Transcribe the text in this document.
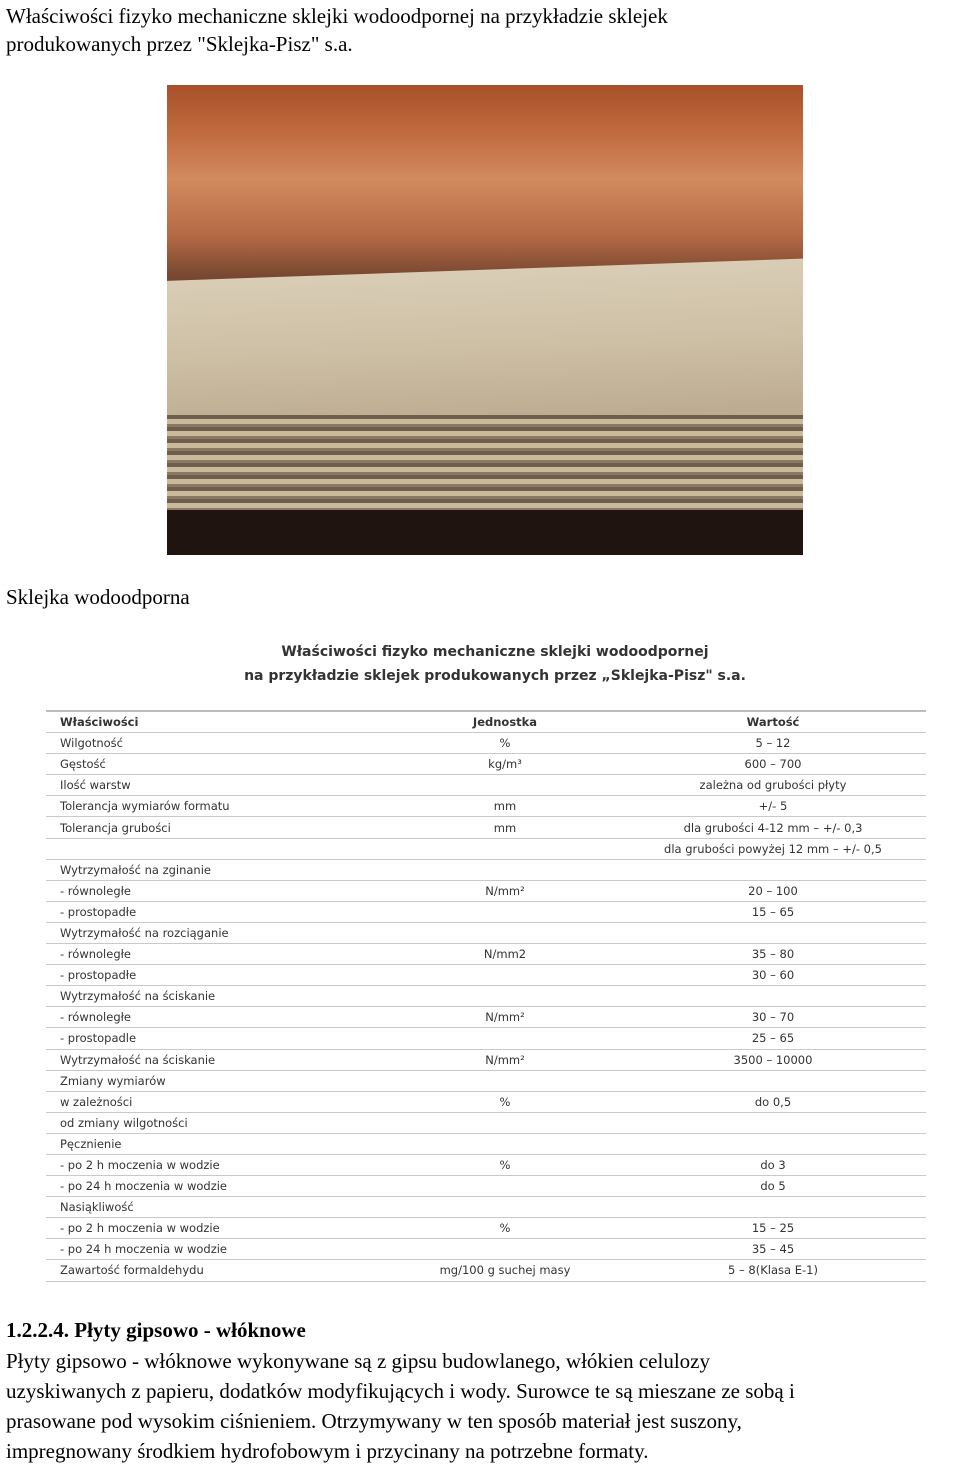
Właściwości fizyko mechaniczne sklejki wodoodpornej na przykładzie sklejek
produkowanych przez "Sklejka-Pisz" s.a.
Sklejka wodoodporna
Właściwości fizyko mechaniczne sklejki wodoodpornej
na przykładzie sklejek produkowanych przez „Sklejka-Pisz" s.a.
Właściwości	Jednostka	Wartość
Wilgotność	%	5 – 12
Gęstość	kg/m³	600 – 700
Ilość warstw		zależna od grubości płyty
Tolerancja wymiarów formatu	mm	+/- 5
Tolerancja grubości	mm	dla grubości 4-12 mm – +/- 0,3
		dla grubości powyżej 12 mm – +/- 0,5
Wytrzymałość na zginanie		
- równoległe	N/mm²	20 – 100
- prostopadłe		15 – 65
Wytrzymałość na rozciąganie		
- równoległe	N/mm2	35 – 80
- prostopadłe		30 – 60
Wytrzymałość na ściskanie		
- równoległe	N/mm²	30 – 70
- prostopadle		25 – 65
Wytrzymałość na ściskanie	N/mm²	3500 – 10000
Zmiany wymiarów		
w zależności	%	do 0,5
od zmiany wilgotności		
Pęcznienie		
- po 2 h moczenia w wodzie	%	do 3
- po 24 h moczenia w wodzie		do 5
Nasiąkliwość		
- po 2 h moczenia w wodzie	%	15 – 25
- po 24 h moczenia w wodzie		35 – 45
Zawartość formaldehydu	mg/100 g suchej masy	5 – 8(Klasa E-1)
1.2.2.4. Płyty gipsowo - włóknowe
Płyty gipsowo - włóknowe wykonywane są z gipsu budowlanego, włókien celulozy
uzyskiwanych z papieru, dodatków modyfikujących i wody. Surowce te są mieszane ze sobą i
prasowane pod wysokim ciśnieniem. Otrzymywany w ten sposób materiał jest suszony,
impregnowany środkiem hydrofobowym i przycinany na potrzebne formaty.
